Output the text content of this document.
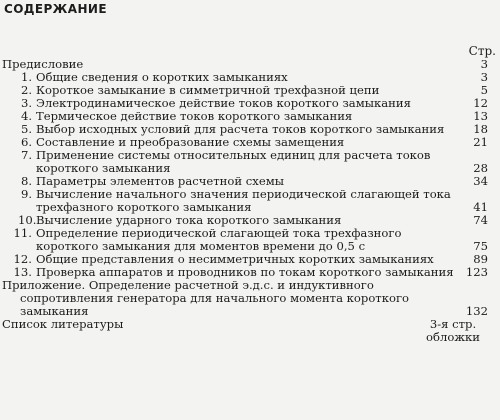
СОДЕРЖАНИЕ
Стр.
Предисловие	3
1. Общие сведения о коротких замыканиях	3
2. Короткое замыкание в симметричной трехфазной цепи	5
3. Электродинамическое действие токов короткого замыкания	12
4. Термическое действие токов короткого замыкания	13
5. Выбор исходных условий для расчета токов короткого замыкания	18
6. Составление и преобразование схемы замещения	21
7. Применение системы относительных единиц для расчета токов короткого замыкания	28
8. Параметры элементов расчетной схемы	34
9. Вычисление начального значения периодической слагающей тока трехфазного короткого замыкания	41
10.Вычисление ударного тока короткого замыкания	74
11. Определение периодической слагающей тока трехфазного короткого замыкания для моментов времени до 0,5 с	75
12. Общие представления о несимметричных коротких замыканиях	89
13. Проверка аппаратов и проводников по токам короткого замыкания	123
Приложение. Определение расчетной э.д.с. и индуктивного сопротивления генератора для начального момента короткого замыкания	132
Список литературы	3-я стр. обложки
